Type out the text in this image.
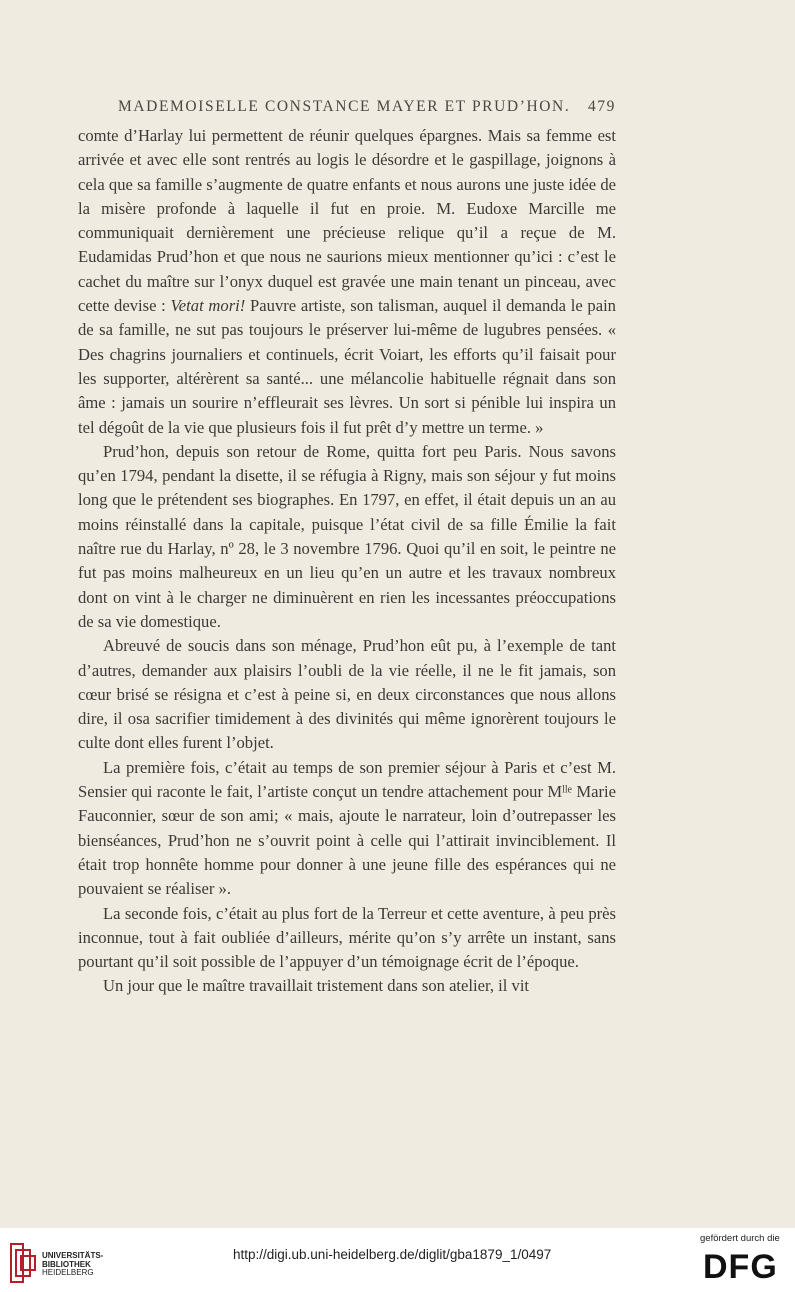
MADEMOISELLE CONSTANCE MAYER ET PRUD’HON. 479

comte d’Harlay lui permettent de réunir quelques épargnes. Mais sa femme est arrivée et avec elle sont rentrés au logis le désordre et le gaspillage, joignons à cela que sa famille s’augmente de quatre enfants et nous aurons une juste idée de la misère profonde à laquelle il fut en proie. M. Eudoxe Marcille me communiquait dernièrement une précieuse relique qu’il a reçue de M. Eudamidas Prud’hon et que nous ne saurions mieux mentionner qu’ici : c’est le cachet du maître sur l’onyx duquel est gravée une main tenant un pinceau, avec cette devise : Vetat mori! Pauvre artiste, son talisman, auquel il demanda le pain de sa famille, ne sut pas toujours le préserver lui-même de lugubres pensées. « Des chagrins journaliers et continuels, écrit Voiart, les efforts qu’il faisait pour les supporter, altérèrent sa santé... une mélancolie habituelle régnait dans son âme : jamais un sourire n’effleurait ses lèvres. Un sort si pénible lui inspira un tel dégoût de la vie que plusieurs fois il fut prêt d’y mettre un terme. »

Prud’hon, depuis son retour de Rome, quitta fort peu Paris. Nous savons qu’en 1794, pendant la disette, il se réfugia à Rigny, mais son séjour y fut moins long que le prétendent ses biographes. En 1797, en effet, il était depuis un an au moins réinstallé dans la capitale, puisque l’état civil de sa fille Émilie la fait naître rue du Harlay, nº 28, le 3 novembre 1796. Quoi qu’il en soit, le peintre ne fut pas moins malheureux en un lieu qu’en un autre et les travaux nombreux dont on vint à le charger ne diminuèrent en rien les incessantes préoccupations de sa vie domestique.

Abreuvé de soucis dans son ménage, Prud’hon eût pu, à l’exemple de tant d’autres, demander aux plaisirs l’oubli de la vie réelle, il ne le fit jamais, son cœur brisé se résigna et c’est à peine si, en deux circonstances que nous allons dire, il osa sacrifier timidement à des divinités qui même ignorèrent toujours le culte dont elles furent l’objet.

La première fois, c’était au temps de son premier séjour à Paris et c’est M. Sensier qui raconte le fait, l’artiste conçut un tendre attachement pour Mˡˡᵉ Marie Fauconnier, sœur de son ami; « mais, ajoute le narrateur, loin d’outrepasser les bienséances, Prud’hon ne s’ouvrit point à celle qui l’attirait invinciblement. Il était trop honnête homme pour donner à une jeune fille des espérances qui ne pouvaient se réaliser ».

La seconde fois, c’était au plus fort de la Terreur et cette aventure, à peu près inconnue, tout à fait oubliée d’ailleurs, mérite qu’on s’y arrête un instant, sans pourtant qu’il soit possible de l’appuyer d’un témoignage écrit de l’époque.

Un jour que le maître travaillait tristement dans son atelier, il vit

UNIVERSITÄTS-
BIBLIOTHEK
HEIDELBERG
http://digi.ub.uni-heidelberg.de/diglit/gba1879_1/0497
gefördert durch die
DFG
